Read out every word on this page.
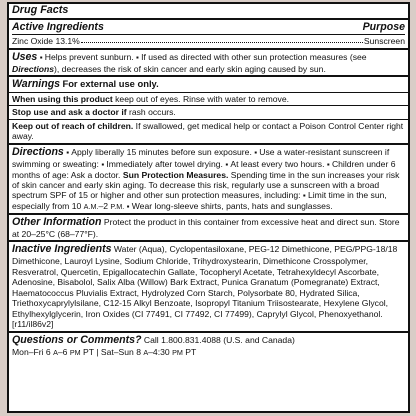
Drug Facts
Active Ingredients	Purpose
Zinc Oxide 13.1%	Sunscreen

Uses ▪ Helps prevent sunburn. ▪ If used as directed with other sun protection measures (see Directions), decreases the risk of skin cancer and early skin aging caused by sun.

Warnings For external use only.

When using this product keep out of eyes. Rinse with water to remove.

Stop use and ask a doctor if rash occurs.

Keep out of reach of children. If swallowed, get medical help or contact a Poison Control Center right away.

Directions ▪ Apply liberally 15 minutes before sun exposure. ▪ Use a water-resistant sunscreen if swimming or sweating: ▪ Immediately after towel drying. ▪ At least every two hours. ▪ Children under 6 months of age: Ask a doctor. Sun Protection Measures. Spending time in the sun increases your risk of skin cancer and early skin aging. To decrease this risk, regularly use a sunscreen with a broad spectrum SPF of 15 or higher and other sun protection measures, including: ▪ Limit time in the sun, especially from 10 A.M.–2 P.M. ▪ Wear long-sleeve shirts, pants, hats and sunglasses.

Other Information Protect the product in this container from excessive heat and direct sun. Store at 20–25°C (68–77°F).

Inactive Ingredients Water (Aqua), Cyclopentasiloxane, PEG-12 Dimethicone, PEG/PPG-18/18 Dimethicone, Lauroyl Lysine, Sodium Chloride, Trihydroxystearin, Dimethicone Crosspolymer, Resveratrol, Quercetin, Epigallocatechin Gallate, Tocopheryl Acetate, Tetrahexyldecyl Ascorbate, Adenosine, Bisabolol, Salix Alba (Willow) Bark Extract, Punica Granatum (Pomegranate) Extract, Haematococcus Pluvialis Extract, Hydrolyzed Corn Starch, Polysorbate 80, Hydrated Silica, Triethoxycaprylylsilane, C12-15 Alkyl Benzoate, Isopropyl Titanium Triisostearate, Hexylene Glycol, Ethylhexylglycerin, Iron Oxides (CI 77491, CI 77492, CI 77499), Caprylyl Glycol, Phenoxyethanol. [r11/il86v2]

Questions or Comments? Call 1.800.831.4088 (U.S. and Canada)

Mon–Fri 6 A–6 PM PT | Sat–Sun 8 A–4:30 PM PT
